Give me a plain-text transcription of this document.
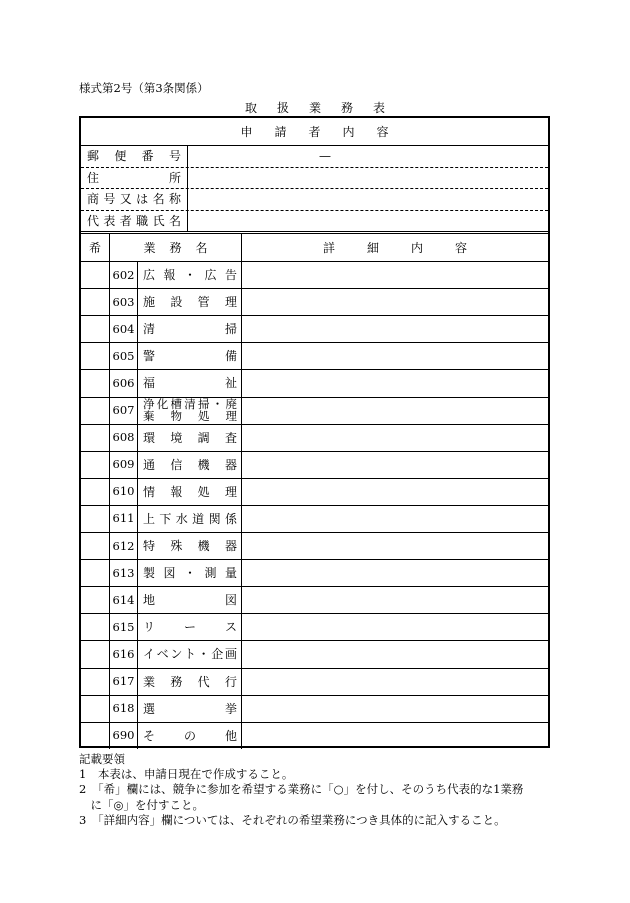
様式第2号（第3条関係）
取扱業務表
申請者内容
郵 便 番 号	—
住	所
商 号 又 は 名 称
代 表 者 職 氏 名
希	業務名	詳細内容
602 広 報 ・ 広 告
603 施 設 管 理
604 清	掃
605 警	備
606 福	祉
607 浄 化 槽 清 掃 ・ 廃
棄 物 処 理
608 環 境 調 査
609 通 信 機 器
610 情 報 処 理
611 上 下 水 道 関 係
612 特 殊 機 器
613 製 図 ・ 測 量
614 地	図
615 リ ー ス
616 イ ベ ン ト ・ 企 画
617 業 務 代 行
618 選	挙
690 そ の 他
記載要領
1　本表は、申請日現在で作成すること。
2　「希」欄には、競争に参加を希望する業務に「○」を付し、そのうち代表的な1業務
　に「◎」を付すこと。
3　「詳細内容」欄については、それぞれの希望業務につき具体的に記入すること。
